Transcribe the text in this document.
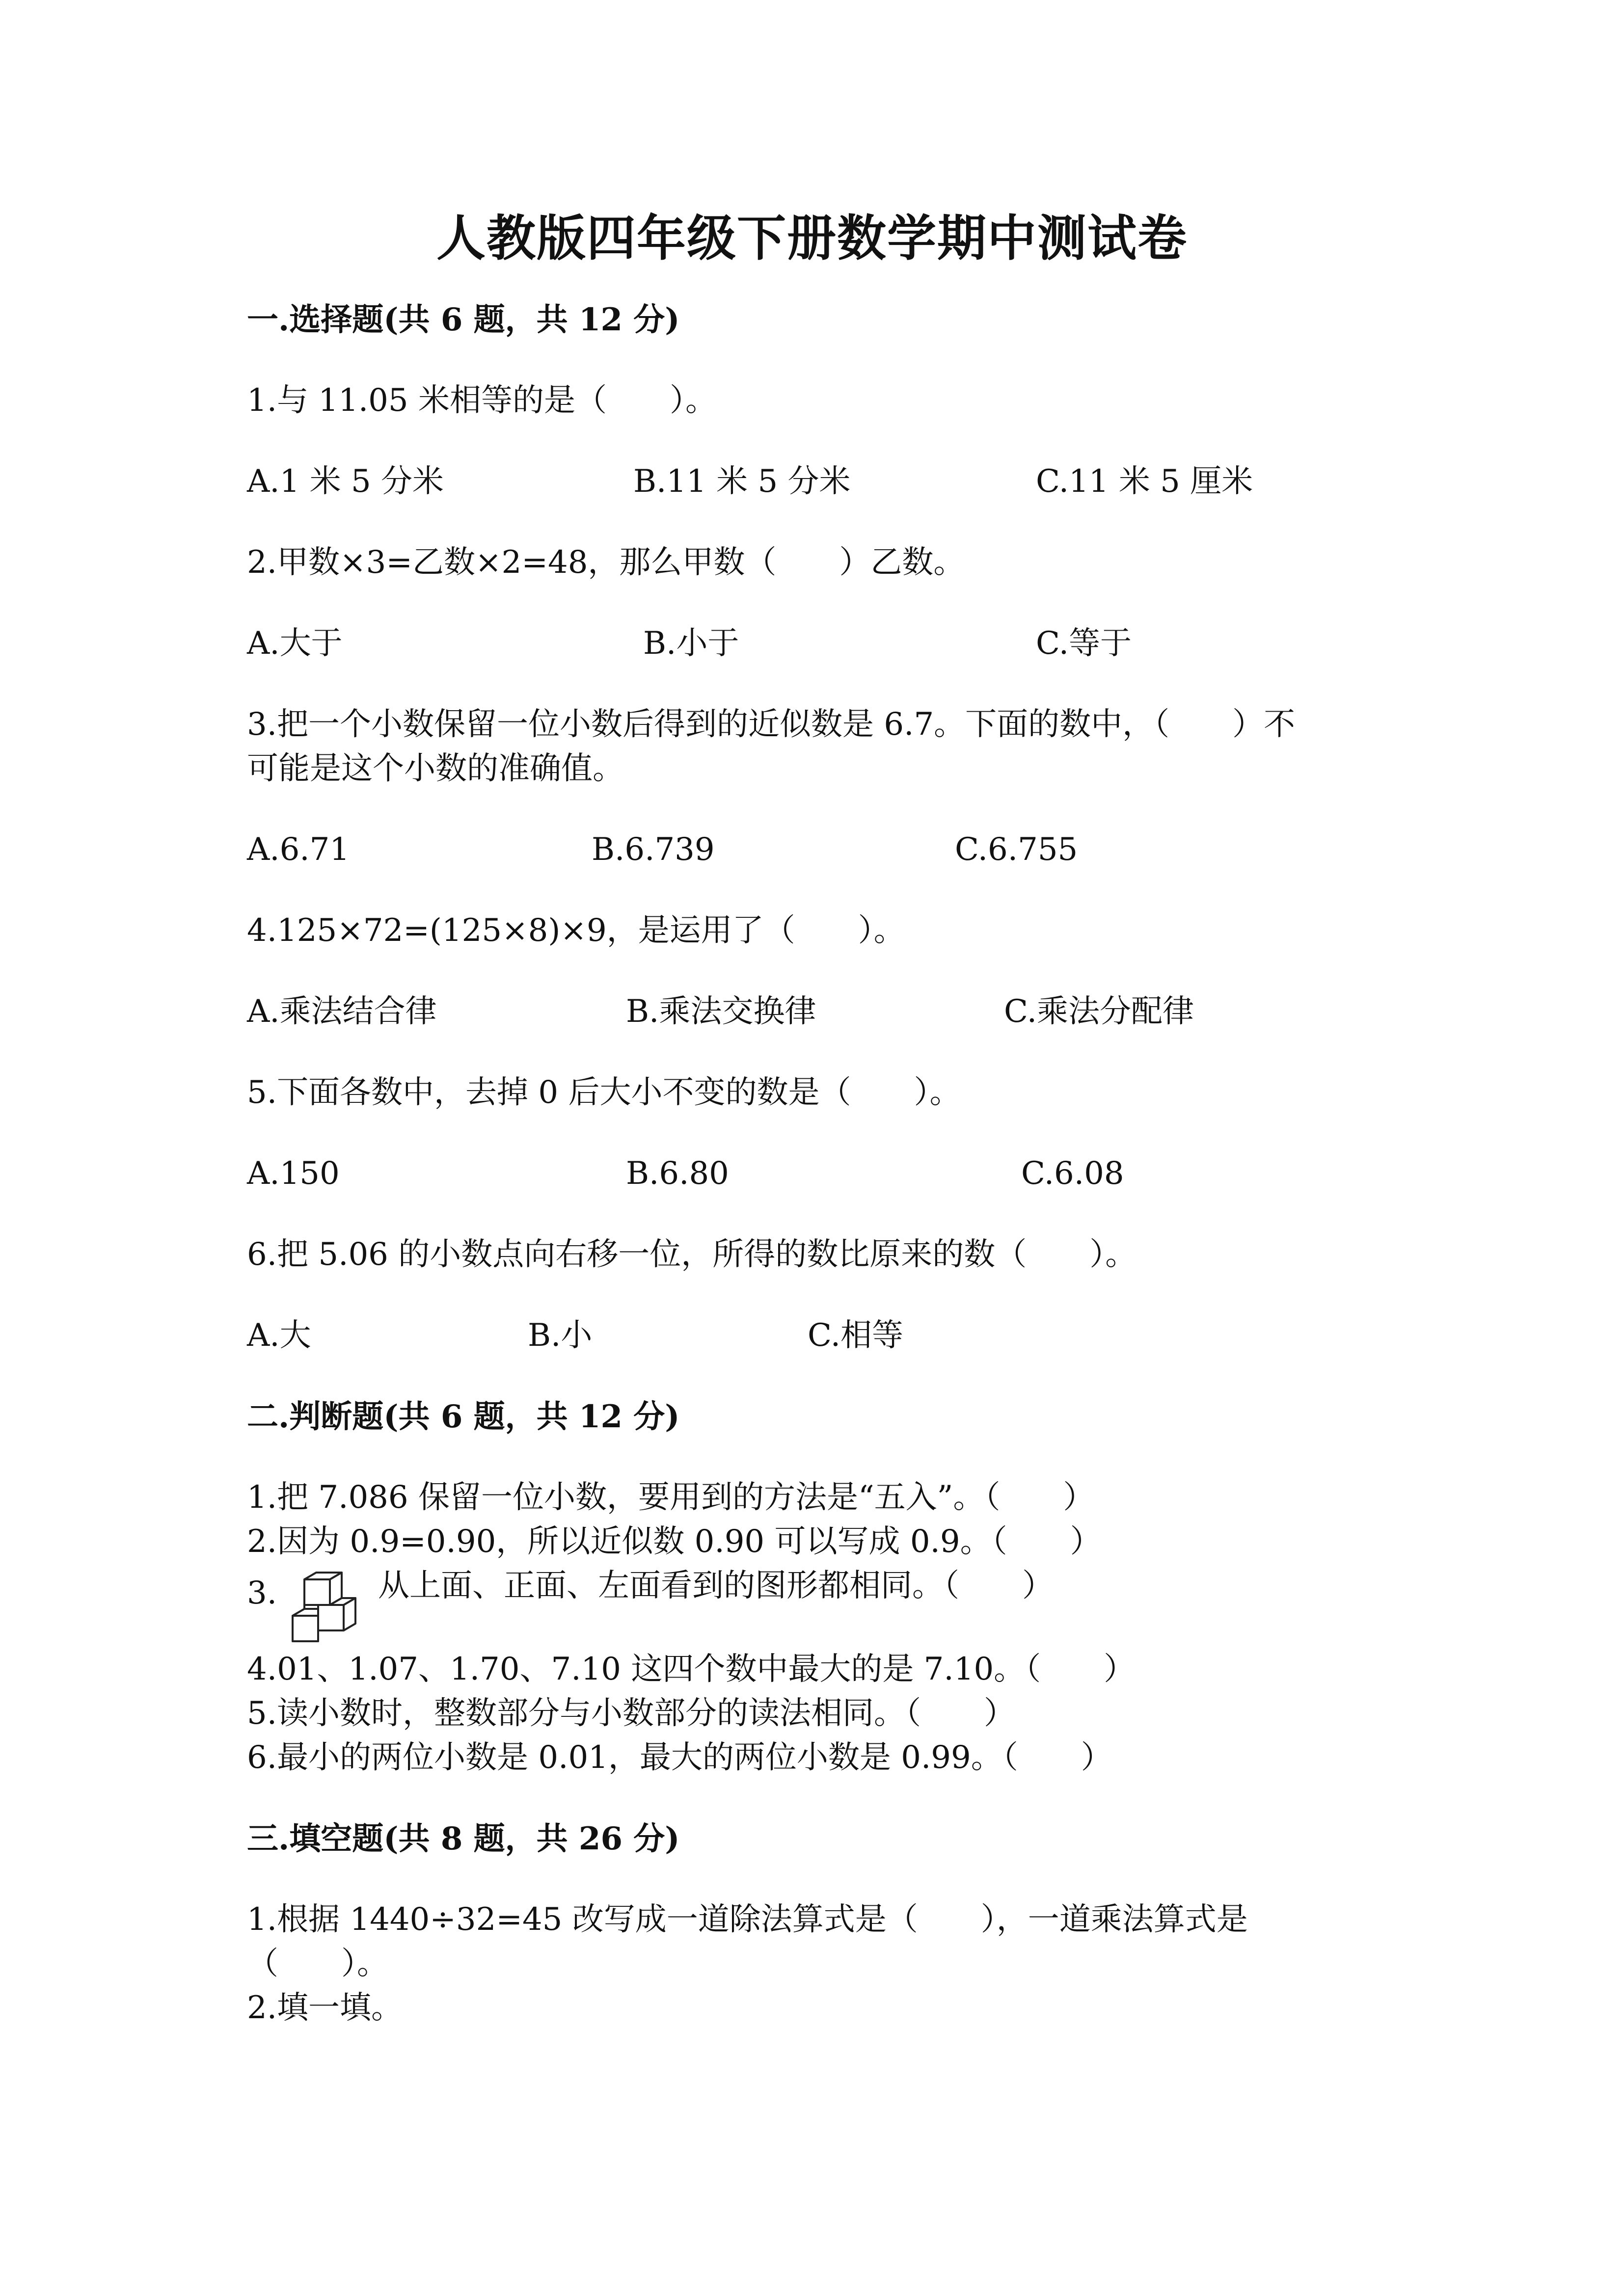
人教版四年级下册数学期中测试卷
一.选择题(共 6 题，共 12 分)
1.与 11.05 米相等的是（　　）。
A.1 米 5 分米	B.11 米 5 分米	C.11 米 5 厘米
2.甲数×3=乙数×2=48，那么甲数（　　）乙数。
A.大于	B.小于	C.等于
3.把一个小数保留一位小数后得到的近似数是 6.7。下面的数中，（　　）不
可能是这个小数的准确值。
A.6.71	B.6.739	C.6.755
4.125×72=(125×8)×9，是运用了（　　）。
A.乘法结合律	B.乘法交换律	C.乘法分配律
5.下面各数中，去掉 0 后大小不变的数是（　　）。
A.150	B.6.80	C.6.08
6.把 5.06 的小数点向右移一位，所得的数比原来的数（　　）。
A.大	B.小	C.相等
二.判断题(共 6 题，共 12 分)
1.把 7.086 保留一位小数，要用到的方法是“五入”。（　　）
2.因为 0.9=0.90，所以近似数 0.90 可以写成 0.9。（　　）
3.	从上面、正面、左面看到的图形都相同。（　　）
4.01、1.07、1.70、7.10 这四个数中最大的是 7.10。（　　）
5.读小数时，整数部分与小数部分的读法相同。（　　）
6.最小的两位小数是 0.01，最大的两位小数是 0.99。（　　）
三.填空题(共 8 题，共 26 分)
1.根据 1440÷32=45 改写成一道除法算式是（　　），一道乘法算式是
（　　）。
2.填一填。
